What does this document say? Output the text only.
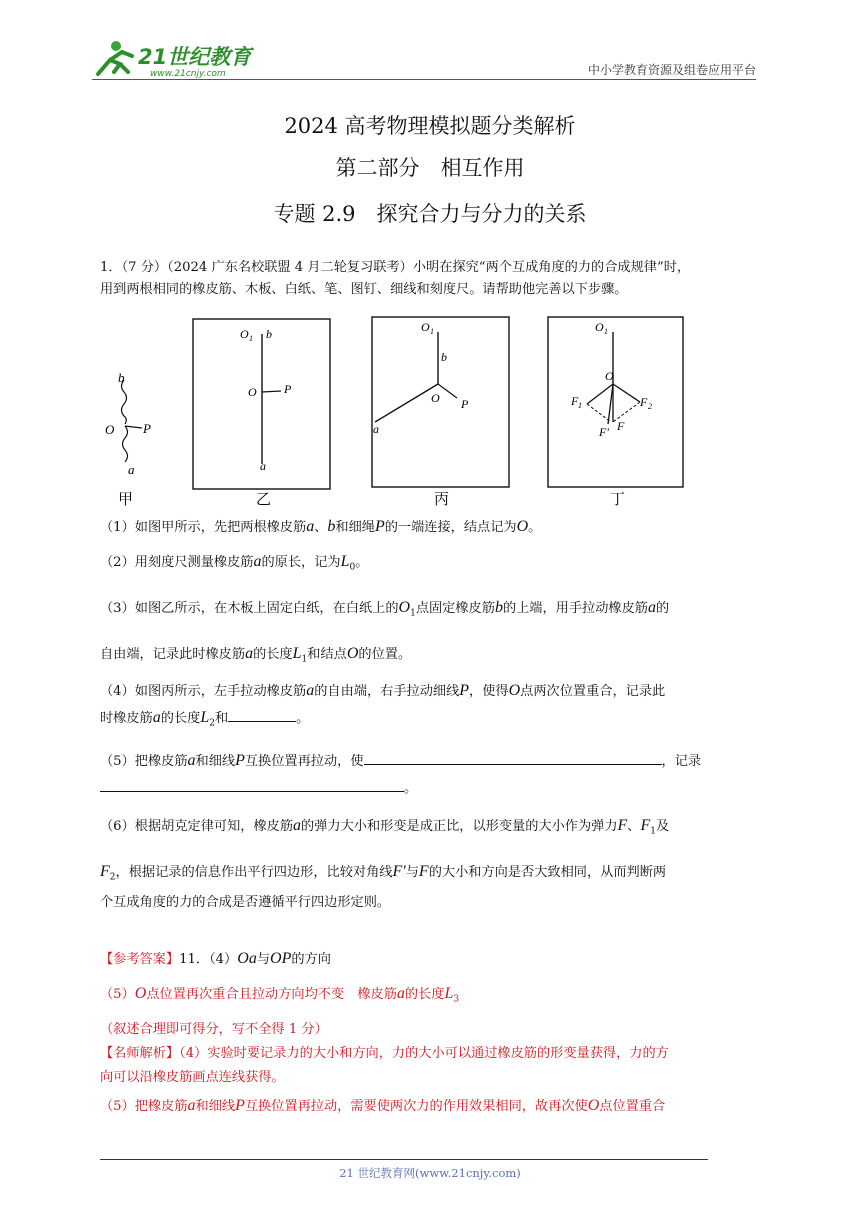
21世纪教育
www.21cnjy.com	中小学教育资源及组卷应用平台
2024 高考物理模拟题分类解析
第二部分　相互作用
专题 2.9　探究合力与分力的关系
1．（7 分）（2024 广东名校联盟 4 月二轮复习联考）小明在探究“两个互成角度的力的合成规律”时，
用到两根相同的橡皮筋、木板、白纸、笔、图钉、细线和刻度尺。请帮助他完善以下步骤。
b
O P
a
甲
O 1 b
O P
a
乙
O 1
b
O P
a
丙
O 1
O
F 1	F 2
F
F′
丁
（1）如图甲所示，先把两根橡皮筋a、b和细绳P的一端连接，结点记为O。
（2）用刻度尺测量橡皮筋a的原长，记为$L_0$。
（3）如图乙所示，在木板上固定白纸，在白纸上的$O_1$点固定橡皮筋b的上端，用手拉动橡皮筋a的
自由端，记录此时橡皮筋a的长度$L_1$和结点O的位置。
（4）如图丙所示，左手拉动橡皮筋a的自由端，右手拉动细线P，使得O点两次位置重合，记录此
时橡皮筋a的长度$L_2$和	。
（5）把橡皮筋a和细线P互换位置再拉动，使	，记录
。
（6）根据胡克定律可知，橡皮筋a的弹力大小和形变是成正比，以形变量的大小作为弹力F、$F_1$及
$F_2$，根据记录的信息作出平行四边形，比较对角线F′与F的大小和方向是否大致相同，从而判断两
个互成角度的力的合成是否遵循平行四边形定则。
【参考答案】11．（4）Oa与OP的方向
（5）O点位置再次重合且拉动方向均不变　橡皮筋a的长度$L_3$
（叙述合理即可得分，写不全得 1 分）
【名师解析】（4）实验时要记录力的大小和方向，力的大小可以通过橡皮筋的形变量获得，力的方
向可以沿橡皮筋画点连线获得。
（5）把橡皮筋a和细线P互换位置再拉动，需要使两次力的作用效果相同，故再次使O点位置重合
21 世纪教育网(www.21cnjy.com)
